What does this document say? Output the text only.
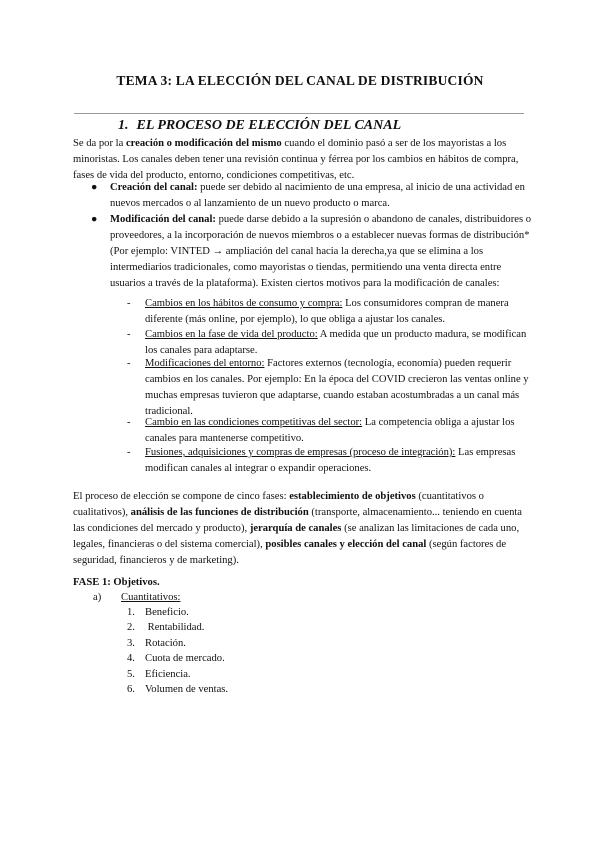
TEMA 3: LA ELECCIÓN DEL CANAL DE DISTRIBUCIÓN
1. EL PROCESO DE ELECCIÓN DEL CANAL
Se da por la creación o modificación del mismo cuando el dominio pasó a ser de los mayoristas a los minoristas. Los canales deben tener una revisión continua y férrea por los cambios en hábitos de compra, fases de vida del producto, entorno, condiciones competitivas, etc.
● Creación del canal: puede ser debido al nacimiento de una empresa, al inicio de una actividad en nuevos mercados o al lanzamiento de un nuevo producto o marca.
● Modificación del canal: puede darse debido a la supresión o abandono de canales, distribuidores o proveedores, a la incorporación de nuevos miembros o a establecer nuevas formas de distribución* (Por ejemplo: VINTED → ampliación del canal hacia la derecha,ya que se elimina a los intermediarios tradicionales, como mayoristas o tiendas, permitiendo una venta directa entre usuarios a través de la plataforma). Existen ciertos motivos para la modificación de canales:
- Cambios en los hábitos de consumo y compra: Los consumidores compran de manera diferente (más online, por ejemplo), lo que obliga a ajustar los canales.
- Cambios en la fase de vida del producto: A medida que un producto madura, se modifican los canales para adaptarse.
- Modificaciones del entorno: Factores externos (tecnología, economía) pueden requerir cambios en los canales. Por ejemplo: En la época del COVID crecieron las ventas online y muchas empresas tuvieron que adaptarse, cuando estaban acostumbradas a un canal más tradicional.
- Cambio en las condiciones competitivas del sector: La competencia obliga a ajustar los canales para mantenerse competitivo.
- Fusiones, adquisiciones y compras de empresas (proceso de integración): Las empresas modifican canales al integrar o expandir operaciones.
El proceso de elección se compone de cinco fases: establecimiento de objetivos (cuantitativos o cualitativos), análisis de las funciones de distribución (transporte, almacenamiento... teniendo en cuenta las condiciones del mercado y producto), jerarquía de canales (se analizan las limitaciones de cada uno, legales, financieras o del sistema comercial), posibles canales y elección del canal (según factores de seguridad, financieros y de marketing).
FASE 1: Objetivos.
a) Cuantitativos:
1. Beneficio.
2. Rentabilidad.
3. Rotación.
4. Cuota de mercado.
5. Eficiencia.
6. Volumen de ventas.
